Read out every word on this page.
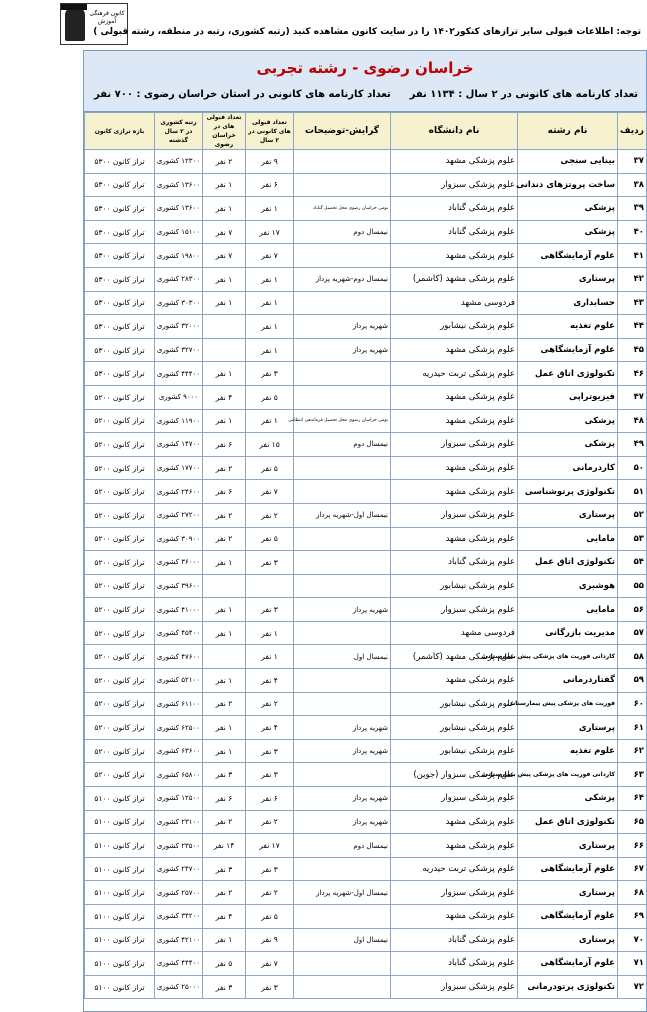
کانون فرهنگی آموزش
توجه: اطلاعات قبولی سایر ترازهای کنکور۱۴۰۲ را در سایت کانون مشاهده کنید (رتبه کشوری، رتبه در منطقه، رشته قبولی )
خراسان رضوی - رشته تجربی
تعداد کارنامه های کانونی در ۲ سال : ۱۱۳۴ نفر
تعداد کارنامه های کانونی در استان خراسان رضوی : ۷۰۰ نفر
ردیف	نام رشته	نام دانشگاه	گرایش-توضیحات	تعداد قبولی های کانونی در ۲ سال	تعداد قبولی های در خراسان رضوی	رتبه کشوری در ۲ سال گذشته	بازه ترازی کانون
۳۷	بینایی سنجی	علوم پزشکی مشهد		۹ نفر	۲ نفر	۱۲۳۰۰ کشوری	تراز کانون ۵۳۰۰
۳۸	ساخت پروتزهای دندانی	علوم پزشکی سبزوار		۶ نفر	۱ نفر	۱۳۶۰۰ کشوری	تراز کانون ۵۳۰۰
۳۹	پزشکی	علوم پزشکی گناباد	بومی خراسان رضوی محل تحصیل گناباد	۱ نفر	۱ نفر	۱۳۶۰۰ کشوری	تراز کانون ۵۳۰۰
۴۰	پزشکی	علوم پزشکی گناباد	نیمسال دوم	۱۷ نفر	۷ نفر	۱۵۱۰۰ کشوری	تراز کانون ۵۳۰۰
۴۱	علوم آزمایشگاهی	علوم پزشکی مشهد		۷ نفر	۷ نفر	۱۹۸۰۰ کشوری	تراز کانون ۵۳۰۰
۴۲	پرستاری	علوم پزشکی مشهد (کاشمر)	نیمسال دوم-شهریه پرداز	۱ نفر	۱ نفر	۲۸۳۰۰ کشوری	تراز کانون ۵۳۰۰
۴۳	حسابداری	فردوسی مشهد		۱ نفر	۱ نفر	۳۰۳۰۰ کشوری	تراز کانون ۵۳۰۰
۴۴	علوم تغذیه	علوم پزشکی نیشابور	شهریه پرداز	۱ نفر		۳۲۰۰۰ کشوری	تراز کانون ۵۳۰۰
۴۵	علوم آزمایشگاهی	علوم پزشکی مشهد	شهریه پرداز	۱ نفر		۳۲۷۰۰ کشوری	تراز کانون ۵۳۰۰
۴۶	تکنولوژی اتاق عمل	علوم پزشکی تربت حیدریه		۳ نفر	۱ نفر	۴۴۴۰۰ کشوری	تراز کانون ۵۳۰۰
۴۷	فیزیوتراپی	علوم پزشکی مشهد		۵ نفر	۴ نفر	۹۰۰۰ کشوری	تراز کانون ۵۲۰۰
۴۸	پزشکی	علوم پزشکی مشهد	بومی خراسان رضوی محل تحصیل فرماندهی انتظامی	۱ نفر	۱ نفر	۱۱۹۰۰ کشوری	تراز کانون ۵۲۰۰
۴۹	پزشکی	علوم پزشکی سبزوار	نیمسال دوم	۱۵ نفر	۶ نفر	۱۴۷۰۰ کشوری	تراز کانون ۵۲۰۰
۵۰	کاردرمانی	علوم پزشکی مشهد		۵ نفر	۲ نفر	۱۷۷۰۰ کشوری	تراز کانون ۵۲۰۰
۵۱	تکنولوژی پرتوشناسی	علوم پزشکی مشهد		۷ نفر	۶ نفر	۲۴۶۰۰ کشوری	تراز کانون ۵۲۰۰
۵۲	پرستاری	علوم پزشکی سبزوار	نیمسال اول-شهریه پرداز	۲ نفر	۲ نفر	۲۷۲۰۰ کشوری	تراز کانون ۵۲۰۰
۵۳	مامایی	علوم پزشکی مشهد		۵ نفر	۲ نفر	۳۰۹۰۰ کشوری	تراز کانون ۵۲۰۰
۵۴	تکنولوژی اتاق عمل	علوم پزشکی گناباد		۳ نفر	۱ نفر	۳۶۰۰۰ کشوری	تراز کانون ۵۲۰۰
۵۵	هوشبری	علوم پزشکی نیشابور				۳۹۶۰۰ کشوری	تراز کانون ۵۲۰۰
۵۶	مامایی	علوم پزشکی سبزوار	شهریه پرداز	۳ نفر	۱ نفر	۴۱۰۰۰ کشوری	تراز کانون ۵۲۰۰
۵۷	مدیریت بازرگانی	فردوسی مشهد		۱ نفر	۱ نفر	۴۵۴۰۰ کشوری	تراز کانون ۵۲۰۰
۵۸	کاردانی فوریت های پزشکی پیش بیمارستانی	علوم پزشکی مشهد (کاشمر)	نیمسال اول	۱ نفر		۴۷۶۰۰ کشوری	تراز کانون ۵۲۰۰
۵۹	گفتاردرمانی	علوم پزشکی مشهد		۴ نفر	۱ نفر	۵۲۱۰۰ کشوری	تراز کانون ۵۲۰۰
۶۰	فوریت های پزشکی پیش بیمارستانی	علوم پزشکی نیشابور		۲ نفر	۲ نفر	۶۱۱۰۰ کشوری	تراز کانون ۵۲۰۰
۶۱	پرستاری	علوم پزشکی نیشابور	شهریه پرداز	۴ نفر	۱ نفر	۶۲۵۰۰ کشوری	تراز کانون ۵۲۰۰
۶۲	علوم تغذیه	علوم پزشکی نیشابور	شهریه پرداز	۳ نفر	۱ نفر	۶۳۶۰۰ کشوری	تراز کانون ۵۲۰۰
۶۳	کاردانی فوریت های پزشکی پیش بیمارستانی	علوم پزشکی سبزوار (جوین)		۳ نفر	۳ نفر	۶۵۸۰۰ کشوری	تراز کانون ۵۲۰۰
۶۴	پزشکی	علوم پزشکی سبزوار	شهریه پرداز	۶ نفر	۶ نفر	۱۲۵۰۰ کشوری	تراز کانون ۵۱۰۰
۶۵	تکنولوژی اتاق عمل	علوم پزشکی مشهد	شهریه پرداز	۲ نفر	۲ نفر	۲۳۱۰۰ کشوری	تراز کانون ۵۱۰۰
۶۶	پرستاری	علوم پزشکی مشهد	نیمسال دوم	۱۷ نفر	۱۴ نفر	۲۳۵۰۰ کشوری	تراز کانون ۵۱۰۰
۶۷	علوم آزمایشگاهی	علوم پزشکی تربت حیدریه		۳ نفر	۳ نفر	۲۴۷۰۰ کشوری	تراز کانون ۵۱۰۰
۶۸	پرستاری	علوم پزشکی سبزوار	نیمسال اول-شهریه پرداز	۲ نفر	۲ نفر	۲۵۷۰۰ کشوری	تراز کانون ۵۱۰۰
۶۹	علوم آزمایشگاهی	علوم پزشکی مشهد		۵ نفر	۴ نفر	۳۴۲۰۰ کشوری	تراز کانون ۵۱۰۰
۷۰	پرستاری	علوم پزشکی گناباد	نیمسال اول	۹ نفر	۱ نفر	۴۲۱۰۰ کشوری	تراز کانون ۵۱۰۰
۷۱	علوم آزمایشگاهی	علوم پزشکی گناباد		۷ نفر	۵ نفر	۴۴۴۰۰ کشوری	تراز کانون ۵۱۰۰
۷۲	تکنولوژی پرتودرمانی	علوم پزشکی سبزوار		۳ نفر	۳ نفر	۲۵۰۰۰ کشوری	تراز کانون ۵۱۰۰
